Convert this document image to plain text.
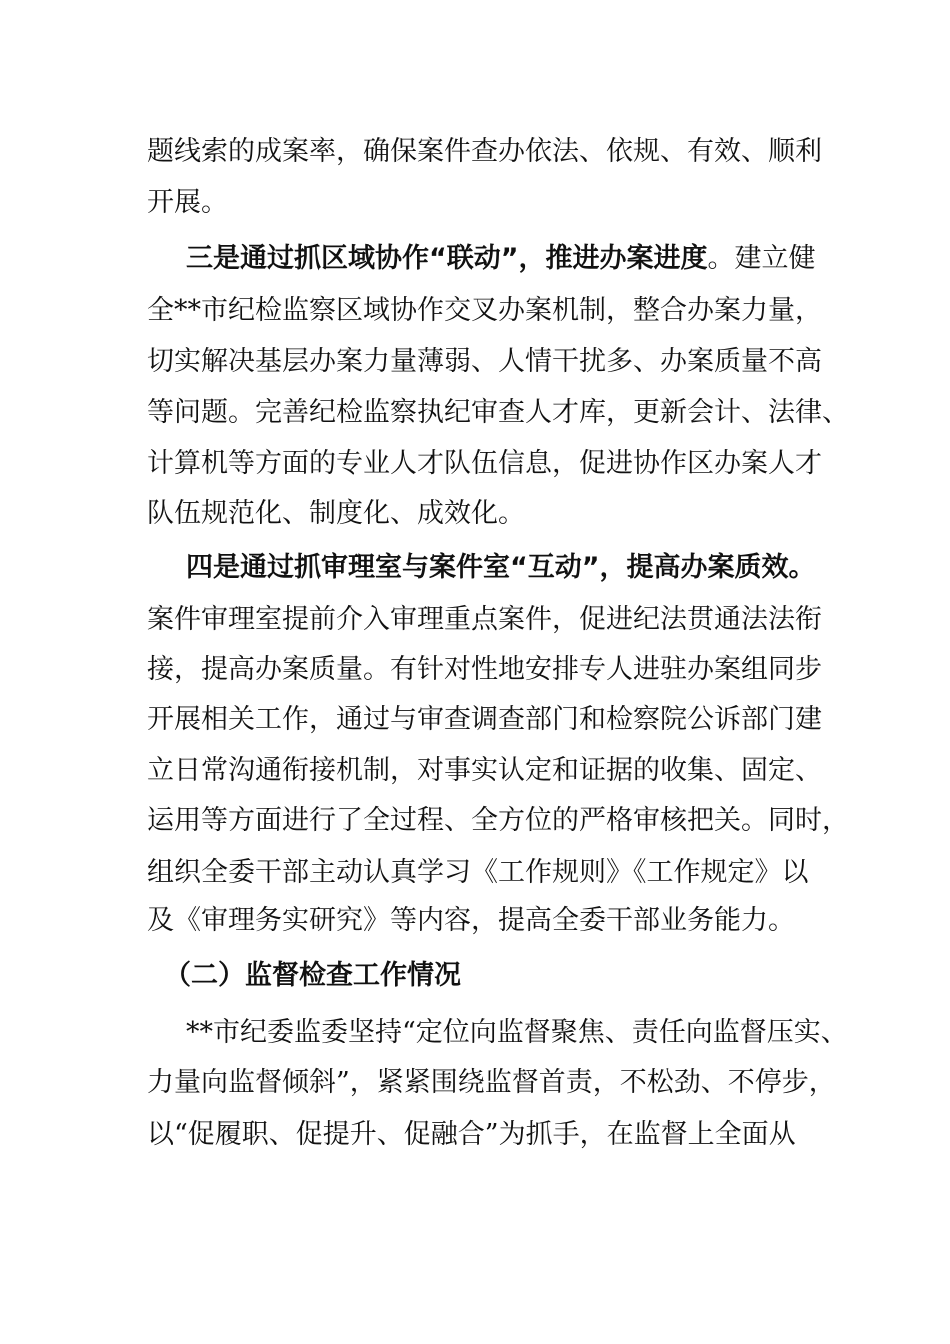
题线索的成案率，确保案件查办依法、依规、有效、顺利
开展。
三是通过抓区域协作“联动”，推进办案进度。建立健
全**市纪检监察区域协作交叉办案机制，整合办案力量，
切实解决基层办案力量薄弱、人情干扰多、办案质量不高
等问题。完善纪检监察执纪审查人才库，更新会计、法律、
计算机等方面的专业人才队伍信息，促进协作区办案人才
队伍规范化、制度化、成效化。
四是通过抓审理室与案件室“互动”，提高办案质效。
案件审理室提前介入审理重点案件，促进纪法贯通法法衔
接，提高办案质量。有针对性地安排专人进驻办案组同步
开展相关工作，通过与审查调查部门和检察院公诉部门建
立日常沟通衔接机制，对事实认定和证据的收集、固定、
运用等方面进行了全过程、全方位的严格审核把关。同时，
组织全委干部主动认真学习《工作规则》《工作规定》以
及《审理务实研究》等内容，提高全委干部业务能力。
（二）监督检查工作情况
**市纪委监委坚持“定位向监督聚焦、责任向监督压实、
力量向监督倾斜”，紧紧围绕监督首责，不松劲、不停步，
以“促履职、促提升、促融合”为抓手，在监督上全面从
